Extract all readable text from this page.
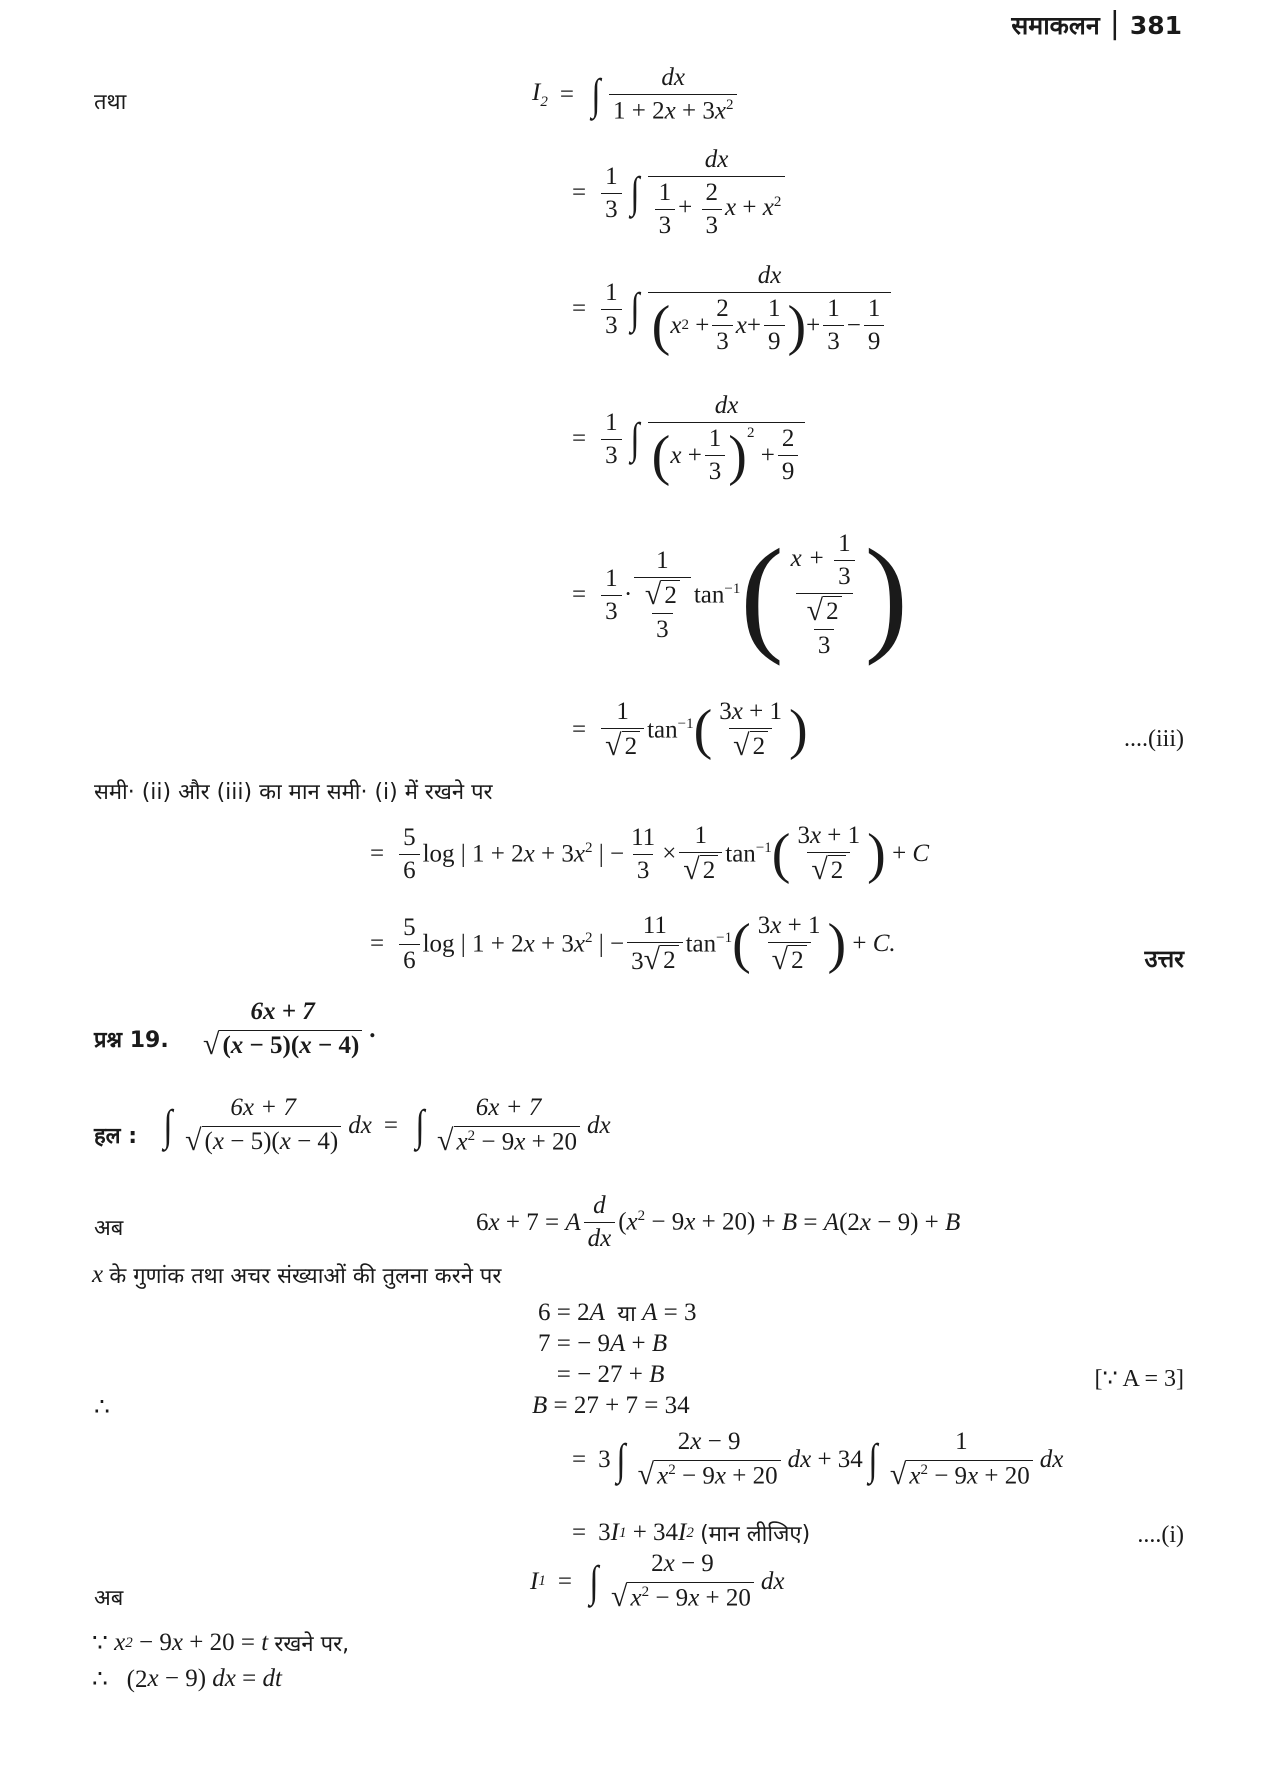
समाकलन | 381
तथा	$I_2$ = ∫ $\frac{dx}{1 + 2x + 3x^2}$
= $\frac{1}{3}$ ∫ $\frac{dx}{\frac{1}{3} + \frac{2}{3} x + x^2}$
= $\frac{1}{3}$ ∫ $\frac{dx}{( x 2 + \frac{2}{3} x + \frac{1}{9} ) + \frac{1}{3} - \frac{1}{9}}$
= $\frac{1}{3}$ ∫ dx
( $x + \frac{1}{3} )^2$
+ $\frac{2}{9}$
= $\frac{1}{3} \cdot \frac{1}{\frac{√ 2}{3}} \tan^{-1}$ ( $\frac{x + \frac{1}{3}}{\frac{√ 2}{3}}$ )
= $\frac{1}{√ 2} \tan^{-1}$ ( $\frac{3x + 1}{√ 2}$ )	....(iii)
समी· (ii) और (iii) का मान समी· (i) में रखने पर
= $\frac{5}{6}$ log | $1 + 2x + 3x^2$ | − $\frac{11}{3} \times \frac{1}{√ 2} \tan^{-1}$ ( $\frac{3x + 1}{√ 2}$ ) + C
= $\frac{5}{6}$ log | $1 + 2x + 3x^2$ | − $\frac{11}{3 √ 2} \tan^{-1}$ ( $\frac{3x + 1}{√ 2}$ ) + C.
उत्तर
प्रश्न 19.
6x + 7
√ (x − 5)(x − 4)
.
हल : ∫ 6x + 7
√ (x − 5)(x − 4)
dx = ∫ 6x + 7
√ $x^2 - 9x + 20$
dx
अब	6x + 7 =
A $\frac{d}{dx} (x^2 - 9x + 20)$ +
B =
A (2x − 9) +
B
x
के गुणांक तथा अचर संख्याओं की तुलना करने पर
6 = 2 A
या
A = 3
7 = − 9 A +
B
= − 27 +
B	[∵ A = 3]
∴	B = 27 + 7 = 34
= 3 ∫ 2x − 9
√ $x^2 - 9x + 20$
dx + 34 ∫	1
√ $x^2 - 9x + 20$
dx
= 3 I 1 + 34 I 2
(मान लीजिए)	....(i)
अब
I 1 = ∫ 2x − 9
√ $x^2 - 9x + 20$
dx
∵ x 2 − 9 x + 20 =
t
रखने पर,
∴   (2 x − 9) dx =
dt
